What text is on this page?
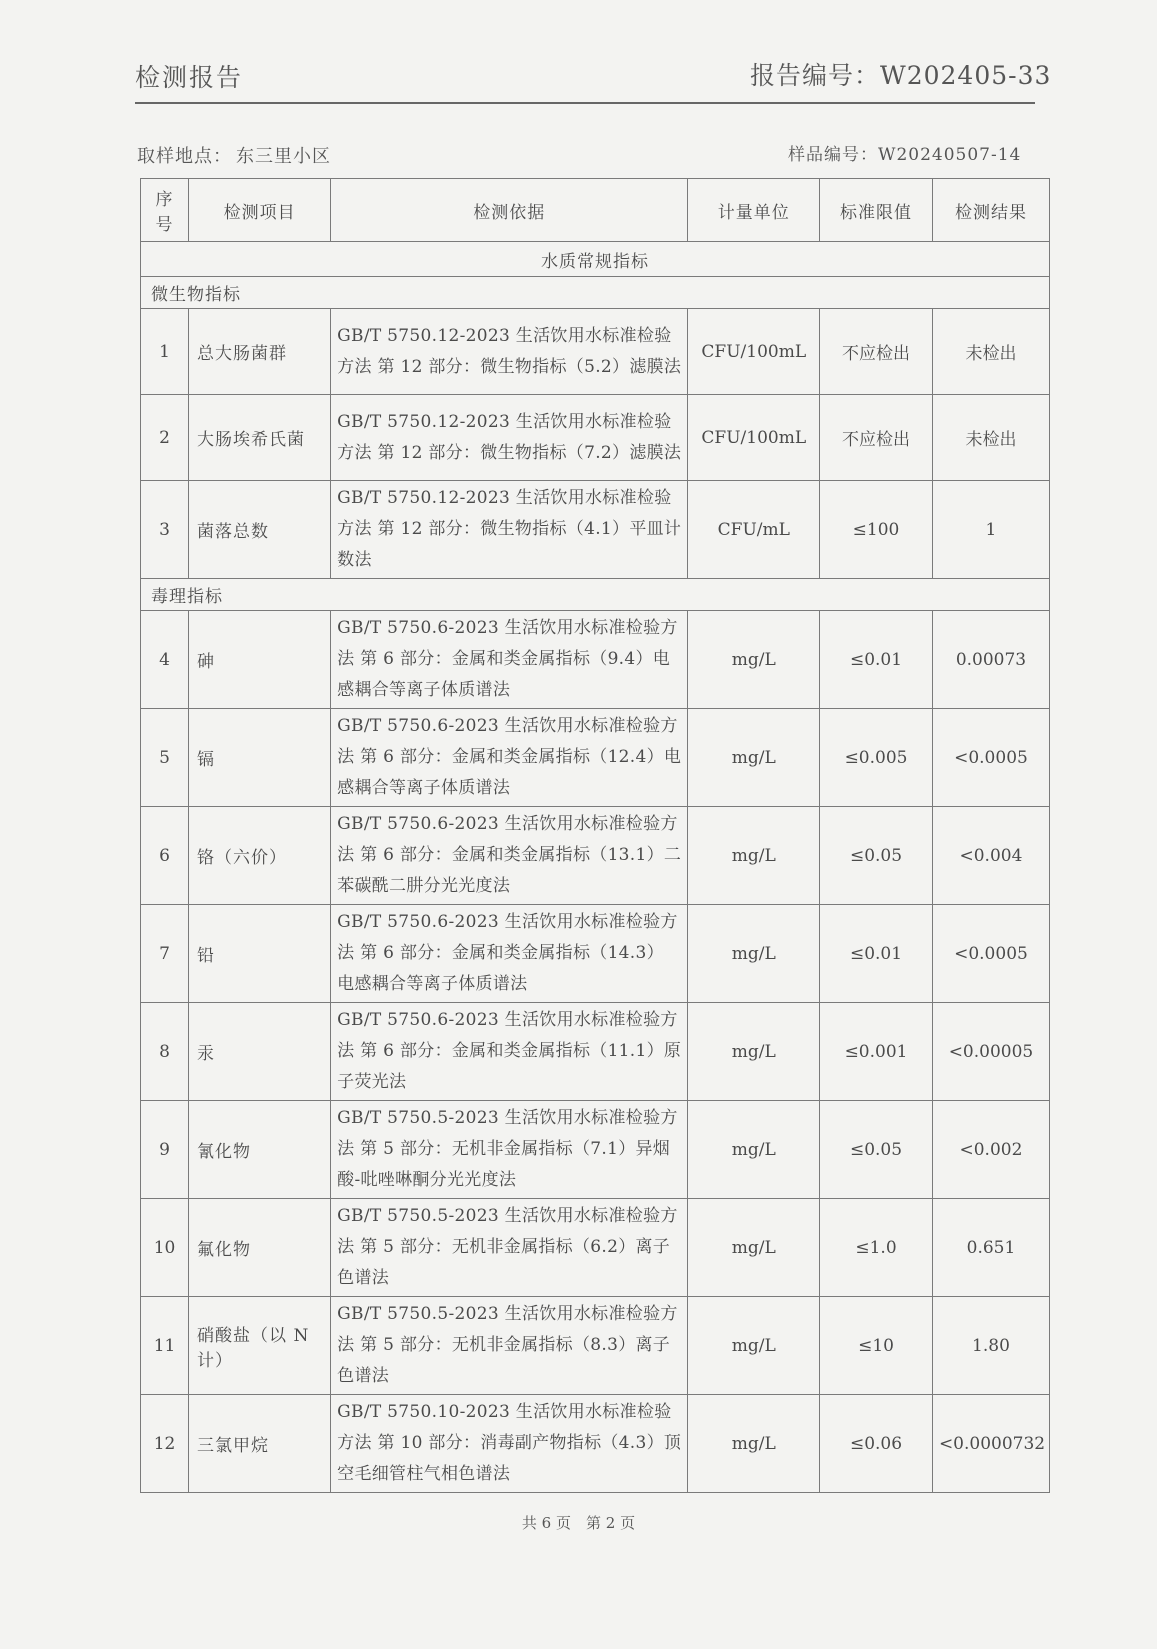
检测报告	报告编号：W202405-33
取样地点： 东三里小区	样品编号：W20240507-14
序号	检测项目	检测依据	计量单位	标准限值	检测结果
水质常规指标					
微生物指标					
1	总大肠菌群	GB/T 5750.12-2023 生活饮用水标准检验方法 第 12 部分：微生物指标（5.2）滤膜法	CFU/100mL	不应检出	未检出
2	大肠埃希氏菌	GB/T 5750.12-2023 生活饮用水标准检验方法 第 12 部分：微生物指标（7.2）滤膜法	CFU/100mL	不应检出	未检出
3	菌落总数	GB/T 5750.12-2023 生活饮用水标准检验方法 第 12 部分：微生物指标（4.1）平皿计数法	CFU/mL	≤100	1
毒理指标					
4	砷	GB/T 5750.6-2023 生活饮用水标准检验方法 第 6 部分：金属和类金属指标（9.4）电感耦合等离子体质谱法	mg/L	≤0.01	0.00073
5	镉	GB/T 5750.6-2023 生活饮用水标准检验方法 第 6 部分：金属和类金属指标（12.4）电感耦合等离子体质谱法	mg/L	≤0.005	<0.0005
6	铬（六价）	GB/T 5750.6-2023 生活饮用水标准检验方法 第 6 部分：金属和类金属指标（13.1）二苯碳酰二肼分光光度法	mg/L	≤0.05	<0.004
7	铅	GB/T 5750.6-2023 生活饮用水标准检验方法 第 6 部分：金属和类金属指标（14.3） 电感耦合等离子体质谱法	mg/L	≤0.01	<0.0005
8	汞	GB/T 5750.6-2023 生活饮用水标准检验方法 第 6 部分：金属和类金属指标（11.1）原子荧光法	mg/L	≤0.001	<0.00005
9	氰化物	GB/T 5750.5-2023 生活饮用水标准检验方法 第 5 部分：无机非金属指标（7.1）异烟酸-吡唑啉酮分光光度法	mg/L	≤0.05	<0.002
10	氟化物	GB/T 5750.5-2023 生活饮用水标准检验方法 第 5 部分：无机非金属指标（6.2）离子色谱法	mg/L	≤1.0	0.651
11	硝酸盐（以 N 计）	GB/T 5750.5-2023 生活饮用水标准检验方法 第 5 部分：无机非金属指标（8.3）离子色谱法	mg/L	≤10	1.80
12	三氯甲烷	GB/T 5750.10-2023 生活饮用水标准检验方法 第 10 部分：消毒副产物指标（4.3）顶空毛细管柱气相色谱法	mg/L	≤0.06	<0.0000732
共 6 页　第 2 页
